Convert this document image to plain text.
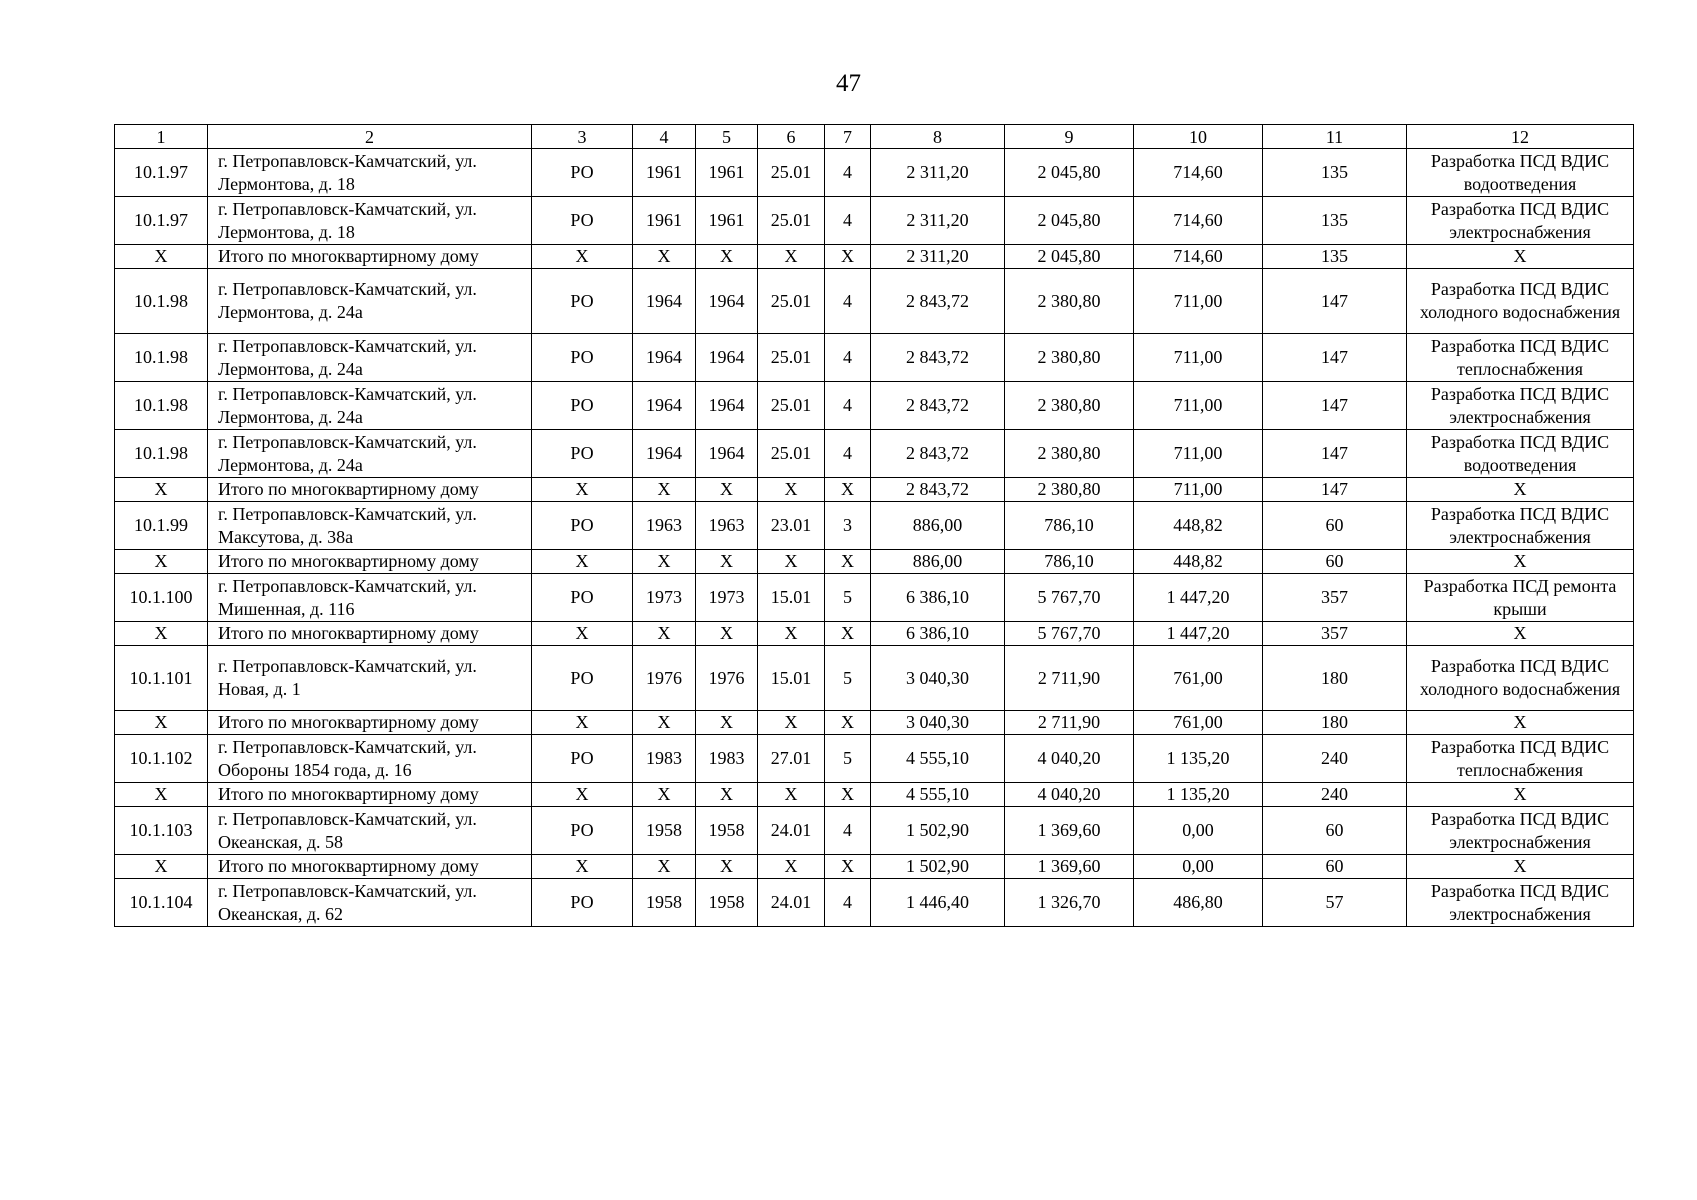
47
1	2	3	4	5	6	7	8	9	10	11	12
10.1.97	г. Петропавловск-Камчатский, ул. Лермонтова, д. 18	РО	1961	1961	25.01	4	2 311,20	2 045,80	714,60	135	Разработка ПСД ВДИС водоотведения
10.1.97	г. Петропавловск-Камчатский, ул. Лермонтова, д. 18	РО	1961	1961	25.01	4	2 311,20	2 045,80	714,60	135	Разработка ПСД ВДИС электроснабжения
Х	Итого по многоквартирному дому	Х	Х	Х	Х	Х	2 311,20	2 045,80	714,60	135	Х
10.1.98	г. Петропавловск-Камчатский, ул. Лермонтова, д. 24а	РО	1964	1964	25.01	4	2 843,72	2 380,80	711,00	147	Разработка ПСД ВДИС холодного водоснабжения
10.1.98	г. Петропавловск-Камчатский, ул. Лермонтова, д. 24а	РО	1964	1964	25.01	4	2 843,72	2 380,80	711,00	147	Разработка ПСД ВДИС теплоснабжения
10.1.98	г. Петропавловск-Камчатский, ул. Лермонтова, д. 24а	РО	1964	1964	25.01	4	2 843,72	2 380,80	711,00	147	Разработка ПСД ВДИС электроснабжения
10.1.98	г. Петропавловск-Камчатский, ул. Лермонтова, д. 24а	РО	1964	1964	25.01	4	2 843,72	2 380,80	711,00	147	Разработка ПСД ВДИС водоотведения
Х	Итого по многоквартирному дому	Х	Х	Х	Х	Х	2 843,72	2 380,80	711,00	147	Х
10.1.99	г. Петропавловск-Камчатский, ул. Максутова, д. 38а	РО	1963	1963	23.01	3	886,00	786,10	448,82	60	Разработка ПСД ВДИС электроснабжения
Х	Итого по многоквартирному дому	Х	Х	Х	Х	Х	886,00	786,10	448,82	60	Х
10.1.100	г. Петропавловск-Камчатский, ул. Мишенная, д. 116	РО	1973	1973	15.01	5	6 386,10	5 767,70	1 447,20	357	Разработка ПСД ремонта крыши
Х	Итого по многоквартирному дому	Х	Х	Х	Х	Х	6 386,10	5 767,70	1 447,20	357	Х
10.1.101	г. Петропавловск-Камчатский, ул. Новая, д. 1	РО	1976	1976	15.01	5	3 040,30	2 711,90	761,00	180	Разработка ПСД ВДИС холодного водоснабжения
Х	Итого по многоквартирному дому	Х	Х	Х	Х	Х	3 040,30	2 711,90	761,00	180	Х
10.1.102	г. Петропавловск-Камчатский, ул. Обороны 1854 года, д. 16	РО	1983	1983	27.01	5	4 555,10	4 040,20	1 135,20	240	Разработка ПСД ВДИС теплоснабжения
Х	Итого по многоквартирному дому	Х	Х	Х	Х	Х	4 555,10	4 040,20	1 135,20	240	Х
10.1.103	г. Петропавловск-Камчатский, ул. Океанская, д. 58	РО	1958	1958	24.01	4	1 502,90	1 369,60	0,00	60	Разработка ПСД ВДИС электроснабжения
Х	Итого по многоквартирному дому	Х	Х	Х	Х	Х	1 502,90	1 369,60	0,00	60	Х
10.1.104	г. Петропавловск-Камчатский, ул. Океанская, д. 62	РО	1958	1958	24.01	4	1 446,40	1 326,70	486,80	57	Разработка ПСД ВДИС электроснабжения
